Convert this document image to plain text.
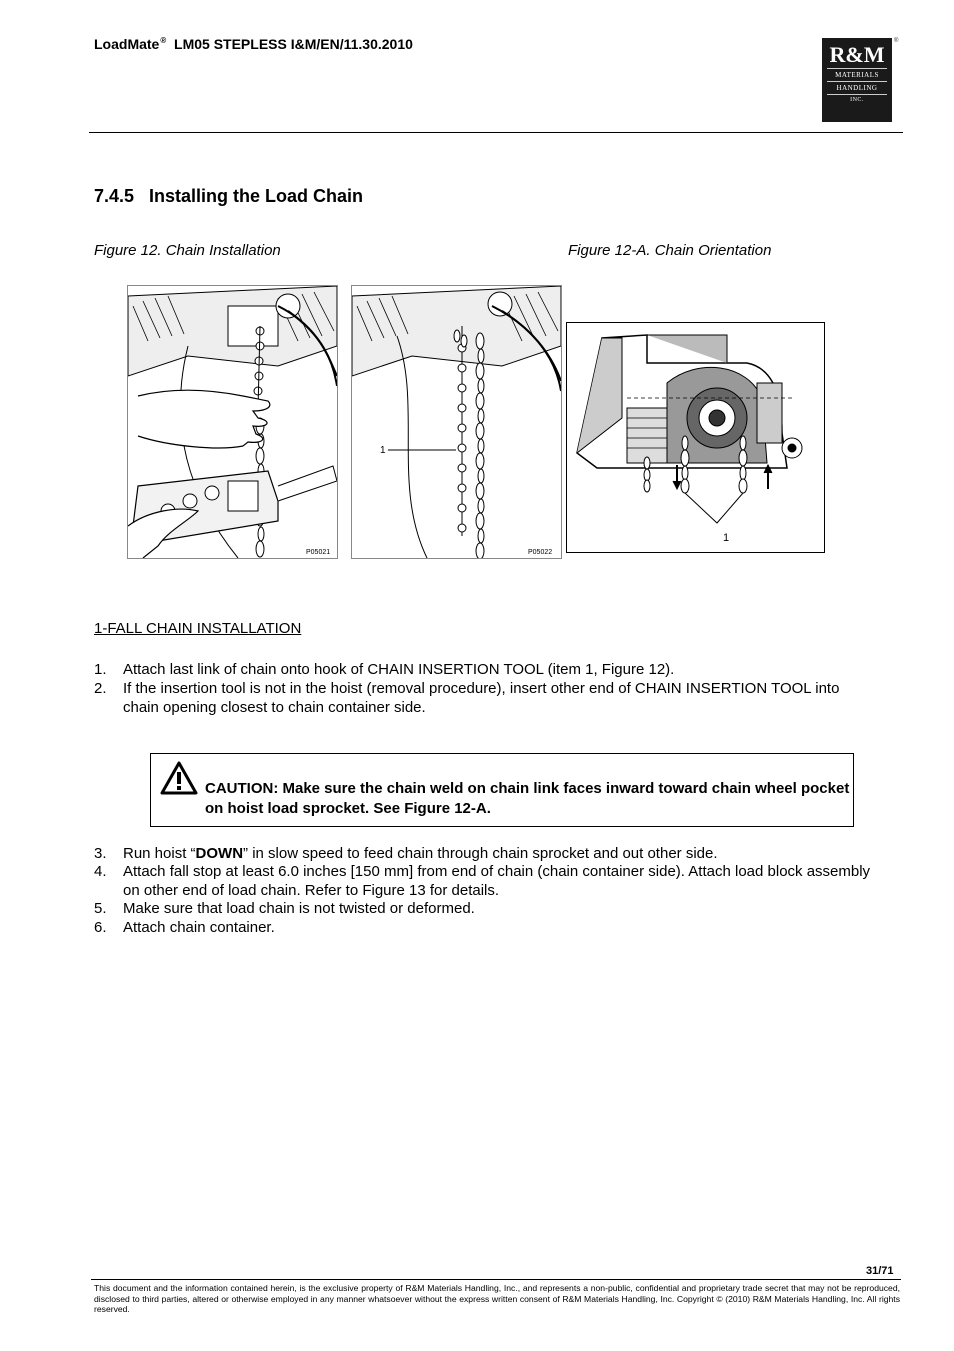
LoadMate® LM05 STEPLESS I&M/EN/11.30.2010	R&M
MATERIALS
HANDLING
INC.
®
7.4.5   Installing the Load Chain
Figure 12. Chain Installation	Figure 12-A. Chain Orientation
P05021
1
P05022
1
1-FALL CHAIN INSTALLATION
1. Attach last link of chain onto hook of CHAIN INSERTION TOOL (item 1, Figure 12).
2. If the insertion tool is not in the hoist (removal procedure), insert other end of CHAIN INSERTION TOOL into chain opening closest to chain container side.
CAUTION: Make sure the chain weld on chain link faces inward toward chain wheel pocket on hoist load sprocket. See Figure 12-A.
3. Run hoist “DOWN” in slow speed to feed chain through chain sprocket and out other side.
4. Attach fall stop at least 6.0 inches [150 mm] from end of chain (chain container side). Attach load block assembly on other end of load chain. Refer to Figure 13 for details.
5. Make sure that load chain is not twisted or deformed.
6. Attach chain container.
31/71
This document and the information contained herein, is the exclusive property of R&M Materials Handling, Inc., and represents a non-public, confidential and proprietary trade secret that may not be reproduced, disclosed to third parties, altered or otherwise employed in any manner whatsoever without the express written consent of R&M Materials Handling, Inc. Copyright © (2010) R&M Materials Handling, Inc. All rights reserved.
